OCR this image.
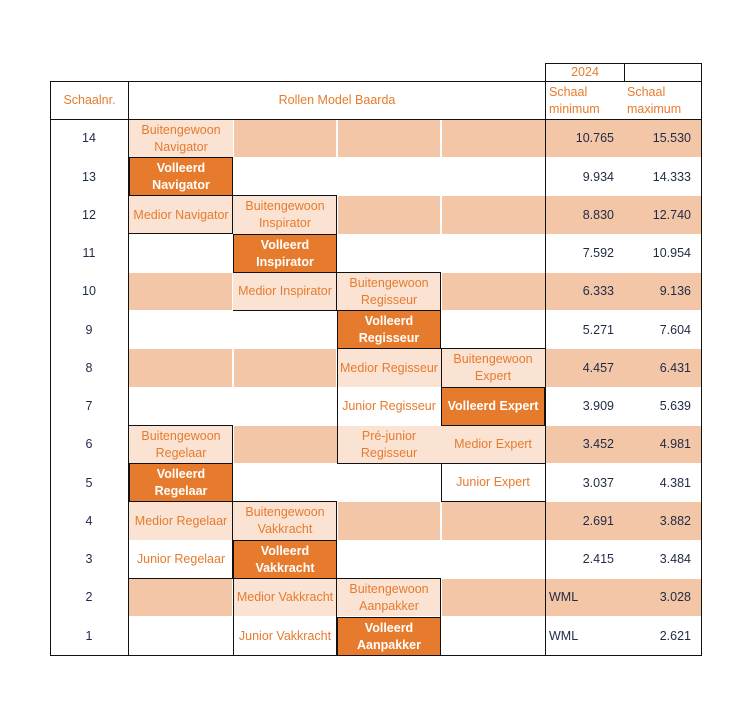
2024
Schaalnr.	Rollen Model Baarda
Schaal minimum
Schaal maximum
14
13
12
11
10
9
8
7
6
5
4
3
2
1
10.765
9.934
8.830
7.592
6.333
5.271
4.457
3.909
3.452
3.037
2.691
2.415
WML
WML
15.530
14.333
12.740
10.954
9.136
7.604
6.431
5.639
4.981
4.381
3.882
3.484
3.028
2.621
Buitengewoon Navigator
Volleerd Navigator
Medior Navigator
Buitengewoon Inspirator
Volleerd Inspirator
Medior Inspirator
Buitengewoon Regisseur
Volleerd Regisseur
Medior Regisseur
Junior Regisseur
Pré-junior Regisseur
Buitengewoon Expert
Volleerd Expert
Medior Expert
Junior Expert
Buitengewoon Regelaar
Volleerd Regelaar
Medior Regelaar
Junior Regelaar
Buitengewoon Vakkracht
Volleerd Vakkracht
Medior Vakkracht
Junior Vakkracht
Buitengewoon Aanpakker
Volleerd Aanpakker
